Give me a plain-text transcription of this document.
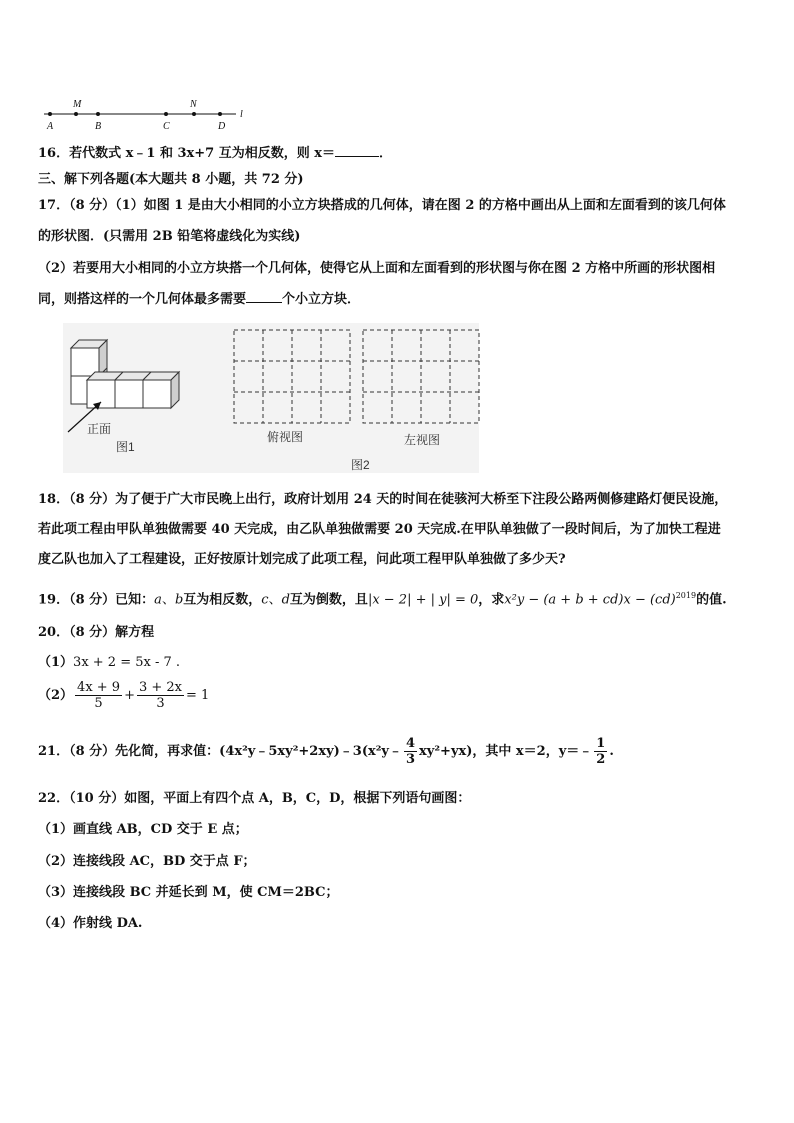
M	N
A	B	C	D
l
16．若代数式 x﹣1 和 3x+7 互为相反数，则 x＝	．
三、解下列各题(本大题共 8 小题，共 72 分)
17．（8 分）（1）如图 1 是由大小相同的小立方块搭成的几何体，请在图 2 的方格中画出从上面和左面看到的该几何体
的形状图．(只需用 2B 铅笔将虚线化为实线)
（2）若要用大小相同的小立方块搭一个几何体，使得它从上面和左面看到的形状图与你在图 2 方格中所画的形状图相
同，则搭这样的一个几何体最多需要	个小立方块．
正面
图1
俯视图	左视图
图2
18．（8 分）为了便于广大市民晚上出行，政府计划用 24 天的时间在徒骇河大桥至下注段公路两侧修建路灯便民设施，
若此项工程由甲队单独做需要 40 天完成，由乙队单独做需要 20 天完成.在甲队单独做了一段时间后，为了加快工程进
度乙队也加入了工程建设，正好按原计划完成了此项工程，问此项工程甲队单独做了多少天?
19．（8 分）已知：a、b互为相反数，c、d互为倒数，且|x − 2| + | y| = 0，求x²y − (a + b + cd)x − (cd)$^{2019}$的值.
20．（8 分）解方程
（1）3x + 2 = 5x - 7 .
$(2) \frac{4x + 9}{5} + \frac{3 + 2x}{3} = 1$
21．（8 分）先化简，再求值：(4x²y﹣5xy²+2xy)﹣3(x²y﹣ $\frac{4}{3} xy^2+yx$)，其中 x＝2，y＝﹣ $\frac{1}{2}$ .
22．（10 分）如图，平面上有四个点 A，B，C，D，根据下列语句画图：
（1）画直线 AB，CD 交于 E 点；
（2）连接线段 AC，BD 交于点 F；
（3）连接线段 BC 并延长到 M，使 CM＝2BC；
（4）作射线 DA.
